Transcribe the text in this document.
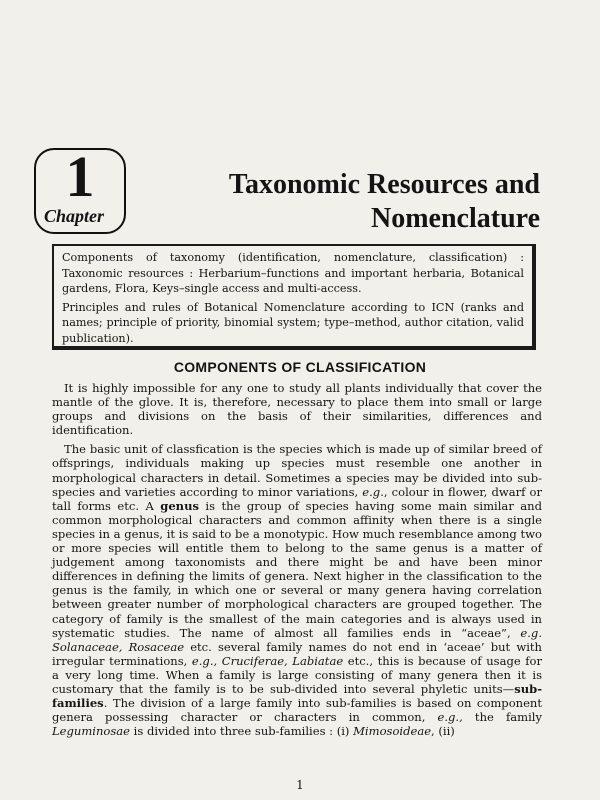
1
Chapter
Taxonomic Resources and
Nomenclature

Components of taxonomy (identification, nomenclature, classification) : Taxonomic resources : Herbarium–functions and important herbaria, Botanical gardens, Flora, Keys–single access and multi-access.

Principles and rules of Botanical Nomenclature according to ICN (ranks and names; principle of priority, binomial system; type–method, author citation, valid publication).

COMPONENTS OF CLASSIFICATION

It is highly impossible for any one to study all plants individually that cover the mantle of the glove. It is, therefore, necessary to place them into small or large groups and divisions on the basis of their similarities, differences and identification.

The basic unit of classfication is the species which is made up of similar breed of offsprings, individuals making up species must resemble one another in morphological characters in detail. Sometimes a species may be divided into sub-species and varieties according to minor variations, e.g., colour in flower, dwarf or tall forms etc. A genus is the group of species having some main similar and common morphological characters and common affinity when there is a single species in a genus, it is said to be a monotypic. How much resemblance among two or more species will entitle them to belong to the same genus is a matter of judgement among taxonomists and there might be and have been minor differences in defining the limits of genera. Next higher in the classification to the genus is the family, in which one or several or many genera having correlation between greater number of morphological characters are grouped together. The category of family is the smallest of the main categories and is always used in systematic studies. The name of almost all families ends in “aceae”, e.g. Solanaceae, Rosaceae etc. several family names do not end in ‘aceae’ but with irregular terminations, e.g., Cruciferae, Labiatae etc., this is because of usage for a very long time. When a family is large consisting of many genera then it is customary that the family is to be sub-divided into several phyletic units—sub-families. The division of a large family into sub-families is based on component genera possessing character or characters in common, e.g., the family Leguminosae is divided into three sub-families : (i) Mimosoideae, (ii)

1
